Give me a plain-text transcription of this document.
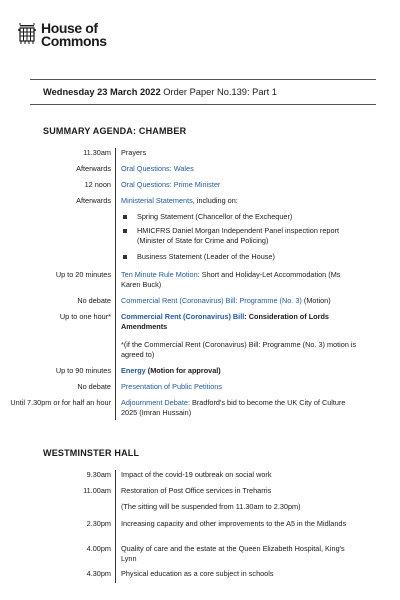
House of
Commons
Wednesday 23 March 2022 Order Paper No.139: Part 1
SUMMARY AGENDA: CHAMBER
11.30am	Prayers
Afterwards	Oral Questions: Wales
12 noon	Oral Questions: Prime Minister
Afterwards	Ministerial Statements, including on:
Spring Statement (Chancellor of the Exchequer)
HMICFRS Daniel Morgan Independent Panel inspection report (Minister of State for Crime and Policing)
Business Statement (Leader of the House)
Up to 20 minutes	Ten Minute Rule Motion: Short and Holiday-Let Accommodation (Ms Karen Buck)
No debate	Commercial Rent (Coronavirus) Bill: Programme (No. 3) (Motion)
Up to one hour*	Commercial Rent (Coronavirus) Bill: Consideration of Lords Amendments
*(if the Commercial Rent (Coronavirus) Bill: Programme (No. 3) motion is agreed to)
Up to 90 minutes	Energy (Motion for approval)
No debate	Presentation of Public Petitions
Until 7.30pm or for half an hour	Adjournment Debate: Bradford's bid to become the UK City of Culture 2025 (Imran Hussain)
WESTMINSTER HALL
9.30am	Impact of the covid-19 outbreak on social work
11.00am	Restoration of Post Office services in Treharris
(The sitting will be suspended from 11.30am to 2.30pm)
2.30pm	Increasing capacity and other improvements to the A5 in the Midlands
4.00pm	Quality of care and the estate at the Queen Elizabeth Hospital, King's Lynn
4.30pm	Physical education as a core subject in schools
